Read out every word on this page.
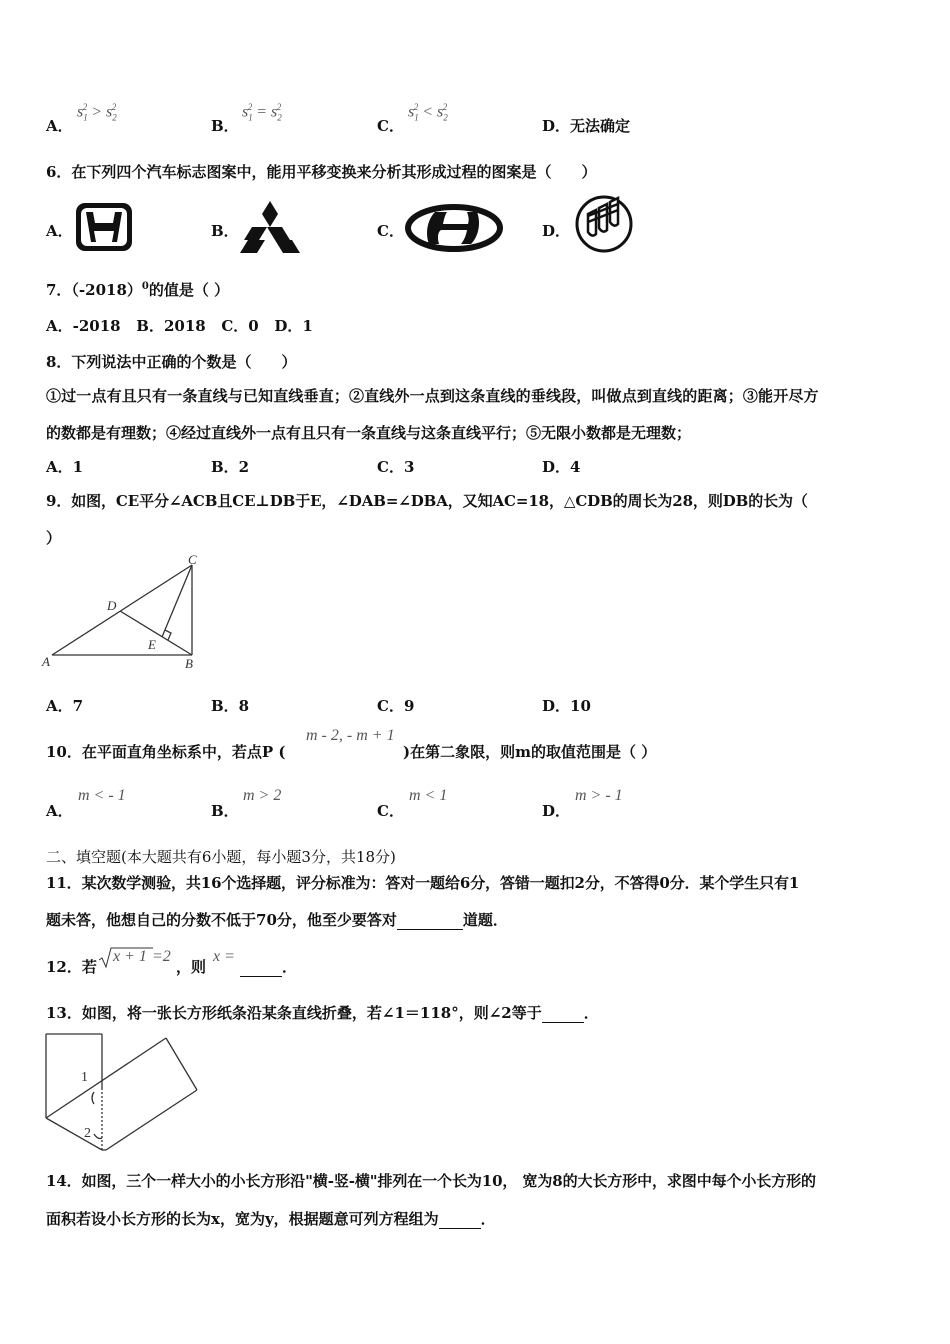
A．
$s_1^2 > s_2^2$
B．
$s_1^2 = s_2^2$
C．
$s_1^2 < s_2^2$
D．无法确定
6．在下列四个汽车标志图案中，能用平移变换来分析其形成过程的图案是（　　）
A．	B．	C．	D．
7．$(-2018)^0$的值是（ ）
A．-2018   B．2018   C．0   D．1
8．下列说法中正确的个数是（　　）
①过一点有且只有一条直线与已知直线垂直；②直线外一点到这条直线的垂线段，叫做点到直线的距离；③能开尽方
的数都是有理数；④经过直线外一点有且只有一条直线与这条直线平行；⑤无限小数都是无理数；
A．1	B．2	C．3	D．4
9．如图，CE平分∠ACB且CE⊥DB于E，∠DAB=∠DBA，又知AC=18，△CDB的周长为28，则DB的长为（
）
A	B
C
D
E
A．7	B．8	C．9	D．10
10．在平面直角坐标系中，若点P (
m - 2, - m + 1
)在第二象限，则m的取值范围是（ ）
A．
m < - 1
B．
m > 2
C．
m < 1
D．
m > - 1
二、填空题(本大题共有6小题，每小题3分，共18分)
11．某次数学测验，共16个选择题，评分标准为：答对一题给6分，答错一题扣2分，不答得0分．某个学生只有1
题未答，他想自己的分数不低于70分，他至少要答对	道题．
12．若
x + 1 =2
，则
x =
．
13．如图，将一张长方形纸条沿某条直线折叠，若∠1＝118°，则∠2等于	．
1
2
14．如图，三个一样大小的小长方形沿"横-竖-横"排列在一个长为10， 宽为8的大长方形中，求图中每个小长方形的
面积若设小长方形的长为x，宽为y，根据题意可列方程组为	．
